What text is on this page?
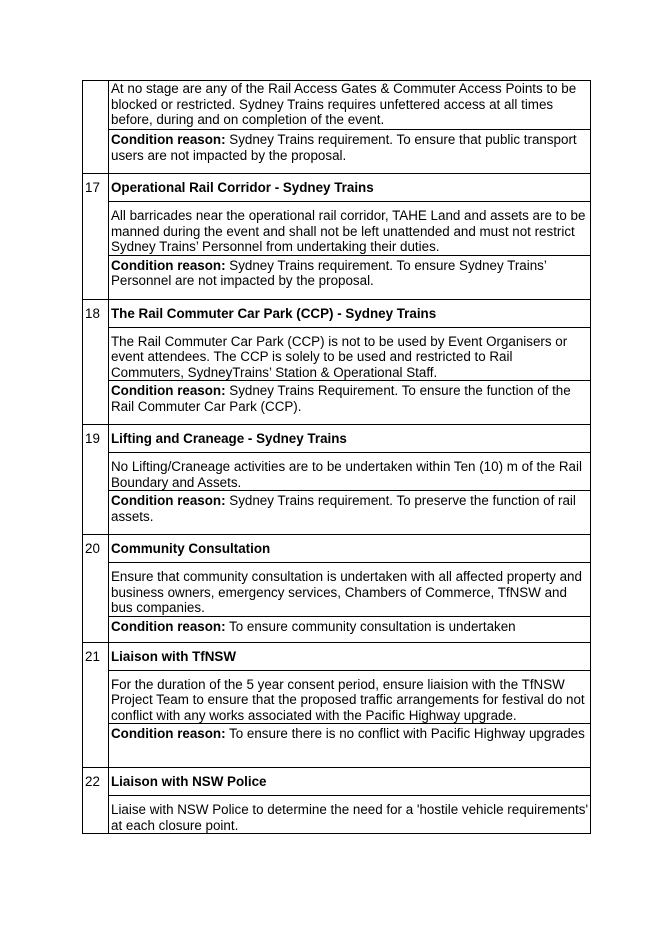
	At no stage are any of the Rail Access Gates & Commuter Access Points to be blocked or restricted. Sydney Trains requires unfettered access at all times before, during and on completion of the event.

	Condition reason: Sydney Trains requirement. To ensure that public transport users are not impacted by the proposal.

17	Operational Rail Corridor - Sydney Trains

	All barricades near the operational rail corridor, TAHE Land and assets are to be manned during the event and shall not be left unattended and must not restrict Sydney Trains’ Personnel from undertaking their duties.

	Condition reason: Sydney Trains requirement. To ensure Sydney Trains’ Personnel are not impacted by the proposal.

18	The Rail Commuter Car Park (CCP) - Sydney Trains

	The Rail Commuter Car Park (CCP) is not to be used by Event Organisers or event attendees. The CCP is solely to be used and restricted to Rail Commuters, SydneyTrains’ Station & Operational Staff.

	Condition reason: Sydney Trains Requirement. To ensure the function of the Rail Commuter Car Park (CCP).

19	Lifting and Craneage - Sydney Trains

	No Lifting/Craneage activities are to be undertaken within Ten (10) m of the Rail Boundary and Assets.

	Condition reason: Sydney Trains requirement. To preserve the function of rail assets.

20	Community Consultation

	Ensure that community consultation is undertaken with all affected property and business owners, emergency services, Chambers of Commerce, TfNSW and bus companies.

	Condition reason: To ensure community consultation is undertaken

21	Liaison with TfNSW

	For the duration of the 5 year consent period, ensure liaision with the TfNSW Project Team to ensure that the proposed traffic arrangements for festival do not conflict with any works associated with the Pacific Highway upgrade.

	Condition reason: To ensure there is no conflict with Pacific Highway upgrades

22	Liaison with NSW Police

	Liaise with NSW Police to determine the need for a 'hostile vehicle requirements' at each closure point.
